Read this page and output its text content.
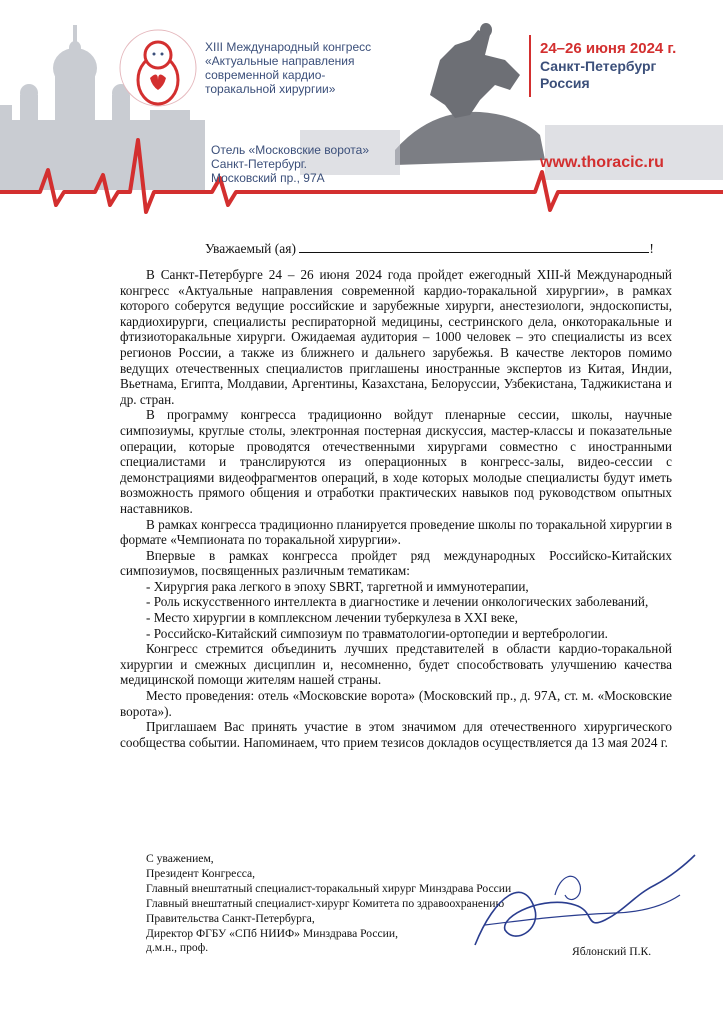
XIII Международный конгресс
«Актуальные направления
современной кардио-
торакальной хирургии»
24–26 июня 2024 г.
Санкт-Петербург
Россия
Отель «Московские ворота»
Санкт-Петербург.
Московский пр., 97А
www.thoracic.ru
Уважаемый (ая)	!

В Санкт-Петербурге 24 – 26 июня 2024 года пройдет ежегодный XIII-й Международный конгресс «Актуальные направления современной кардио-торакальной хирургии», в рамках которого соберутся ведущие российские и зарубежные хирурги, анестезиологи, эндоскописты, кардиохирурги, специалисты респираторной медицины, сестринского дела, онкоторакальные и фтизиоторакальные хирурги. Ожидаемая аудитория – 1000 человек – это специалисты из всех регионов России, а также из ближнего и дальнего зарубежья. В качестве лекторов помимо ведущих отечественных специалистов приглашены иностранные экспертов из Китая, Индии, Вьетнама, Египта, Молдавии, Аргентины, Казахстана, Белоруссии, Узбекистана, Таджикистана и др. стран.

В программу конгресса традиционно войдут пленарные сессии, школы, научные симпозиумы, круглые столы, электронная постерная дискуссия, мастер-классы и показательные операции, которые проводятся отечественными хирургами совместно с иностранными специалистами и транслируются из операционных в конгресс-залы, видео-сессии с демонстрациями видеофрагментов операций, в ходе которых молодые специалисты будут иметь возможность прямого общения и отработки практических навыков под руководством опытных наставников.

В рамках конгресса традиционно планируется проведение школы по торакальной хирургии в формате «Чемпионата по торакальной хирургии».

Впервые в рамках конгресса пройдет ряд международных Российско-Китайских симпозиумов, посвященных различным тематикам:

- Хирургия рака легкого в эпоху SBRT, таргетной и иммунотерапии,

- Роль искусственного интеллекта в диагностике и лечении онкологических заболеваний,

- Место хирургии в комплексном лечении туберкулеза в XXI веке,

- Российско-Китайский симпозиум по травматологии-ортопедии и вертебрологии.

Конгресс стремится объединить лучших представителей в области кардио-торакальной хирургии и смежных дисциплин и, несомненно, будет способствовать улучшению качества медицинской помощи жителям нашей страны.

Место проведения: отель «Московские ворота» (Московский пр., д. 97А, ст. м. «Московские ворота»).

Приглашаем Вас принять участие в этом значимом для отечественного хирургического сообщества событии. Напоминаем, что прием тезисов докладов осуществляется да 13 мая 2024 г.

С уважением,
Президент Конгресса,
Главный внештатный специалист-торакальный хирург Минздрава России
Главный внештатный специалист-хирург Комитета по здравоохранению
Правительства Санкт-Петербурга,
Директор ФГБУ «СПб НИИФ» Минздрава России,
д.м.н., проф.	Яблонский П.К.
